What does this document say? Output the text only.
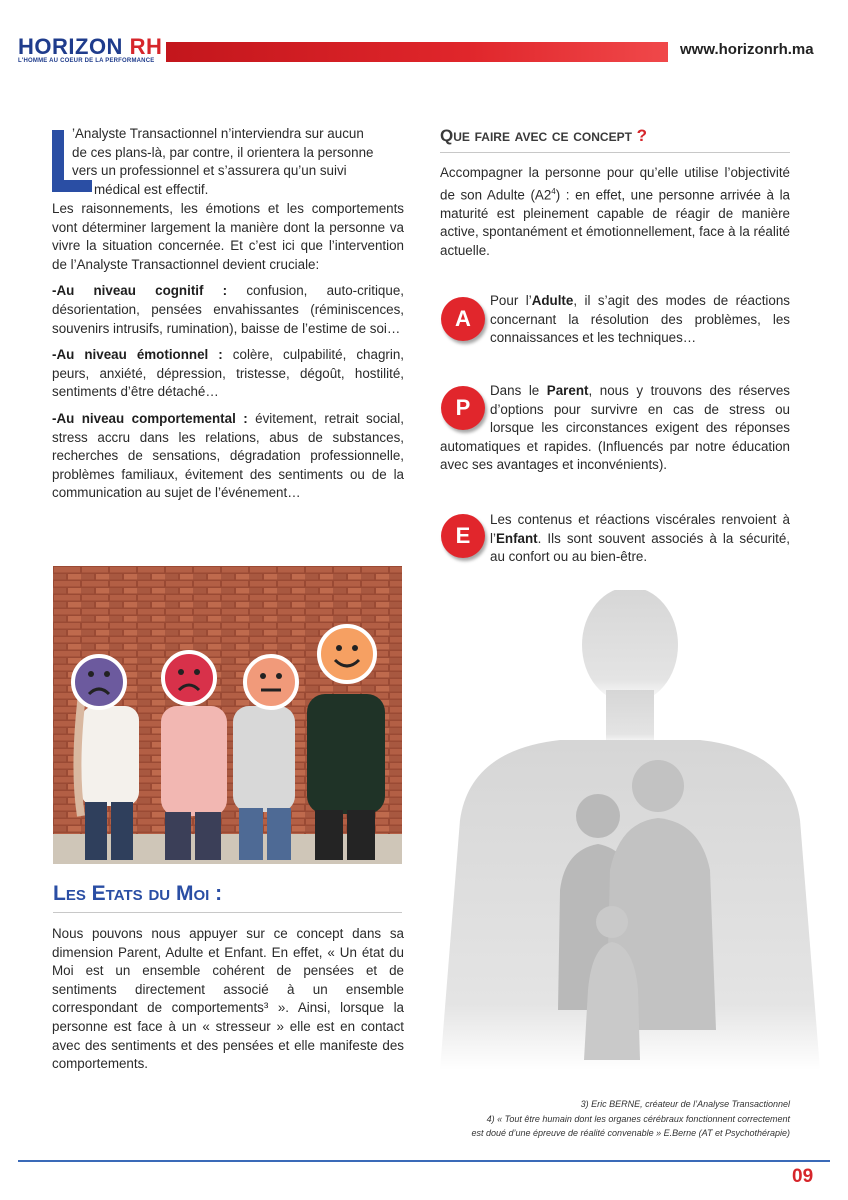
HORIZON RH
L'HOMME AU COEUR DE LA PERFORMANCE
www.horizonrh.ma
’Analyste Transactionnel n’interviendra sur aucun
de ces plans-là, par contre, il orientera la personne
vers un professionnel et s’assurera qu’un suivi
médical est effectif.

Les raisonnements, les émotions et les comportements vont déterminer largement la manière dont la personne va vivre la situation concernée. Et c’est ici que l’intervention de l’Analyste Transactionnel devient cruciale:

-Au niveau cognitif : confusion, auto-critique, désorientation, pensées envahissantes (réminiscences, souvenirs intrusifs, rumination), baisse de l’estime de soi…

-Au niveau émotionnel : colère, culpabilité, chagrin, peurs, anxiété, dépression, tristesse, dégoût, hostilité, sentiments d’être détaché…

-Au niveau comportemental : évitement, retrait social, stress accru dans les relations, abus de substances, recherches de sensations, dégradation professionnelle, problèmes familiaux, évitement des sentiments ou de la communication au sujet de l’événement…

Les Etats du Moi :
Nous pouvons nous appuyer sur ce concept dans sa dimension Parent, Adulte et Enfant. En effet, « Un état du Moi est un ensemble cohérent de pensées et de sentiments directement associé à un ensemble correspondant de comportements³ ». Ainsi, lorsque la personne est face à un « stresseur » elle est en contact avec des sentiments et des pensées et elle manifeste des comportements.
Que faire avec ce concept ?
Accompagner la personne pour qu’elle utilise l’objectivité de son Adulte $(A2^4)$ : en effet, une personne arrivée à la maturité est pleinement capable de réagir de manière active, spontanément et émotionnellement, face à la réalité actuelle.
A
Pour l’Adulte, il s’agit des modes de réactions concernant la résolution des problèmes, les connaissances et les techniques…
P
Dans le Parent, nous y trouvons des réserves d’options pour survivre en cas de stress ou lorsque les circonstances exigent des réponses automatiques et rapides. (Influencés par notre éducation avec ses avantages et inconvénients).
E
Les contenus et réactions viscérales renvoient à l’Enfant. Ils sont souvent associés à la sécurité, au confort ou au bien-être.
3) Eric BERNE, créateur de l’Analyse Transactionnel
4) « Tout être humain dont les organes cérébraux fonctionnent correctement
est doué d’une épreuve de réalité convenable » E.Berne (AT et Psychothérapie)
09
